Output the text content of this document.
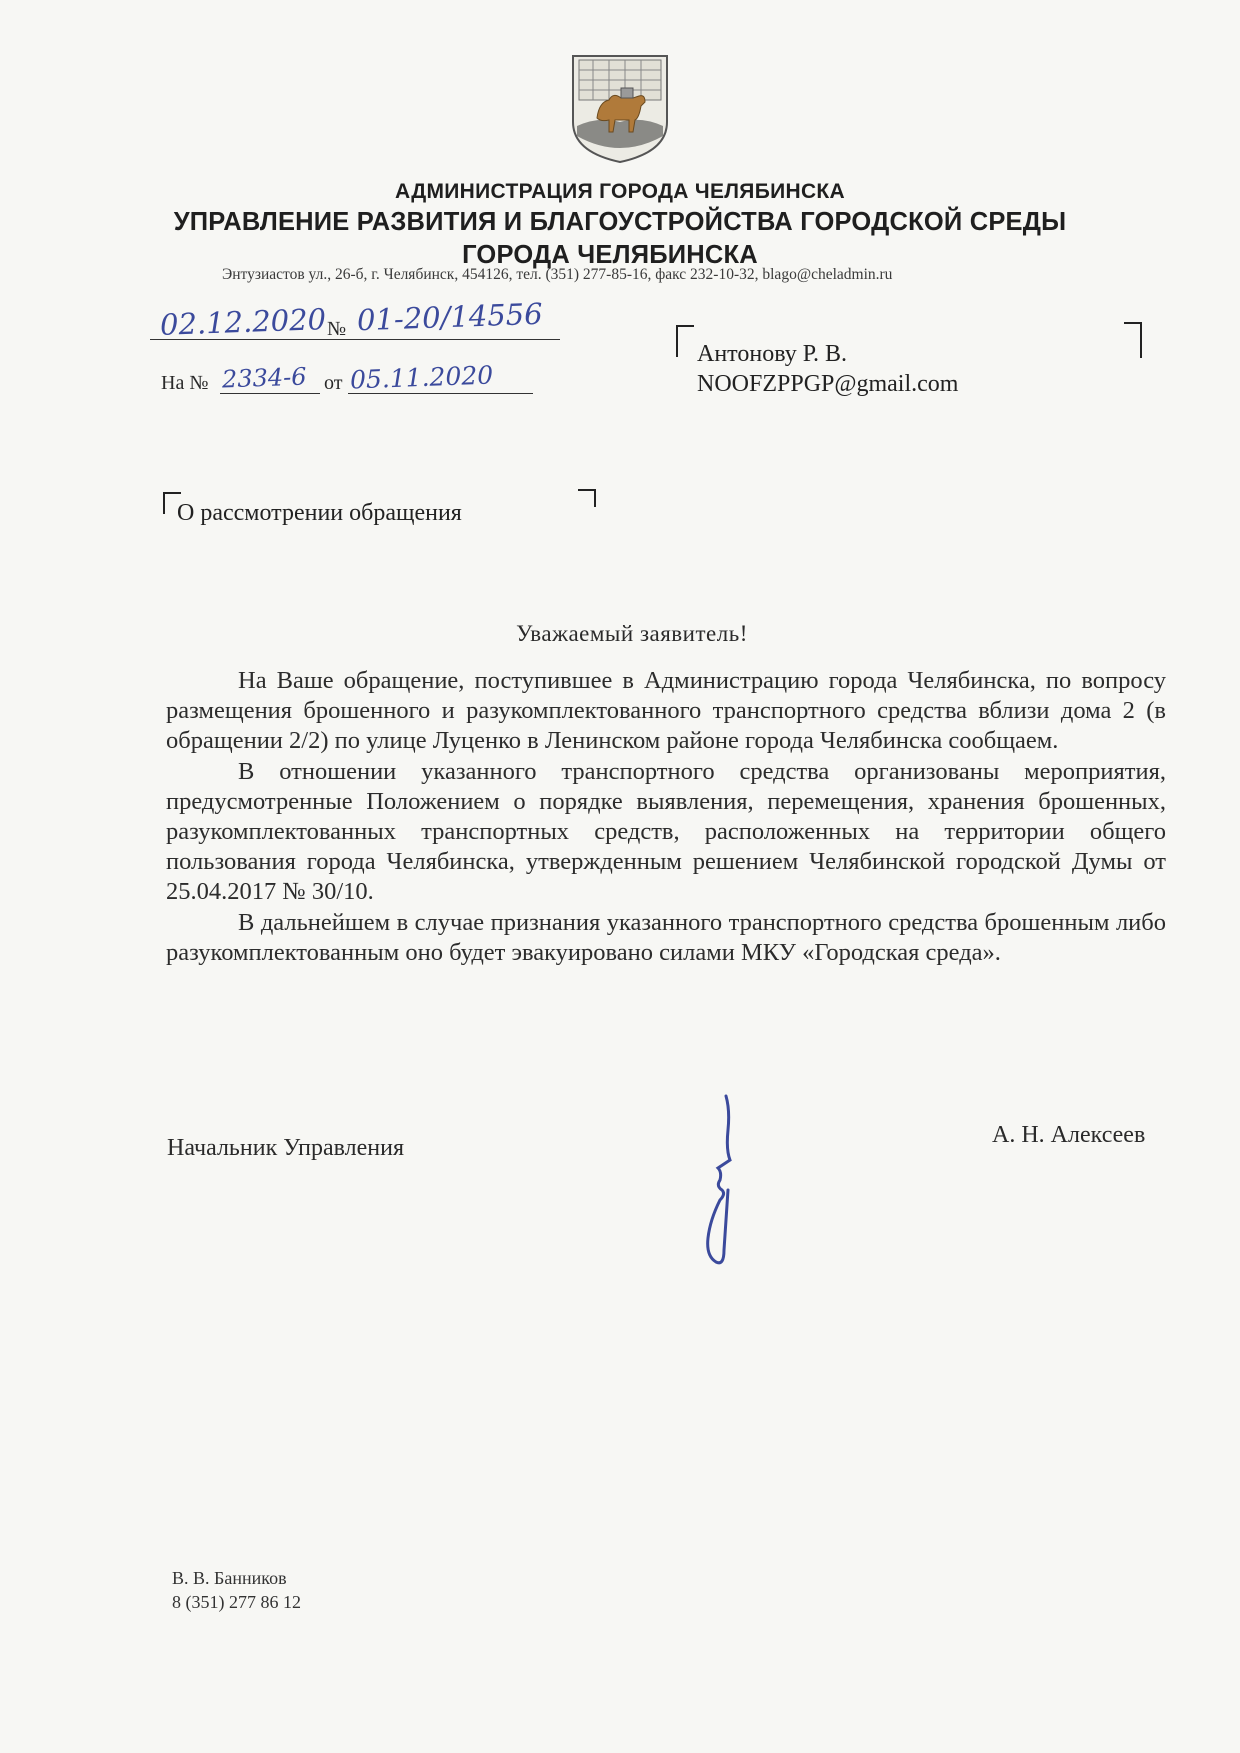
АДМИНИСТРАЦИЯ ГОРОДА ЧЕЛЯБИНСКА
УПРАВЛЕНИЕ РАЗВИТИЯ И БЛАГОУСТРОЙСТВА ГОРОДСКОЙ СРЕДЫ
ГОРОДА ЧЕЛЯБИНСКА
Энтузиастов ул., 26-б, г. Челябинск, 454126, тел. (351) 277-85-16, факс 232-10-32, blago@cheladmin.ru
02.12.2020 № 01-20/14556
На № 2334-6 от 05.11.2020
Антонову Р. В.
NOOFZPPGP@gmail.com
О рассмотрении обращения
Уважаемый заявитель!

На Ваше обращение, поступившее в Администрацию города Челябинска, по вопросу размещения брошенного и разукомплектованного транспортного средства вблизи дома 2 (в обращении 2/2) по улице Луценко в Ленинском районе города Челябинска сообщаем.

В отношении указанного транспортного средства организованы мероприятия, предусмотренные Положением о порядке выявления, перемещения, хранения брошенных, разукомплектованных транспортных средств, расположенных на территории общего пользования города Челябинска, утвержденным решением Челябинской городской Думы от 25.04.2017 № 30/10.

В дальнейшем в случае признания указанного транспортного средства брошенным либо разукомплектованным оно будет эвакуировано силами МКУ «Городская среда».

Начальник Управления	А. Н. Алексеев
В. В. Банников
8 (351) 277 86 12
